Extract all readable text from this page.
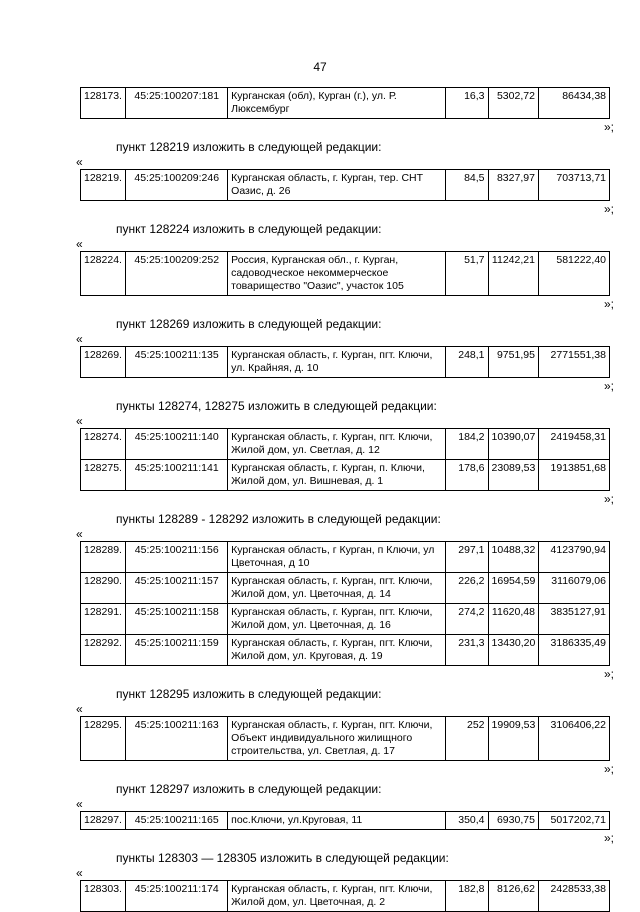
47
128173.	45:25:100207:181	Курганская (обл), Курган (г.), ул. Р. Люксембург	16,3	5302,72	86434,38
»;
пункт 128219 изложить в следующей редакции:
«
128219.	45:25:100209:246	Курганская область, г. Курган, тер. СНТ Оазис, д. 26	84,5	8327,97	703713,71
»;
пункт 128224 изложить в следующей редакции:
«
128224.	45:25:100209:252	Россия, Курганская обл., г. Курган, садоводческое некоммерческое товарищество "Оазис", участок 105	51,7	11242,21	581222,40
»;
пункт 128269 изложить в следующей редакции:
«
128269.	45:25:100211:135	Курганская область, г. Курган, пгт. Ключи, ул. Крайняя, д. 10	248,1	9751,95	2771551,38
»;
пункты 128274, 128275 изложить в следующей редакции:
«
128274.	45:25:100211:140	Курганская область, г. Курган, пгт. Ключи, Жилой дом, ул. Светлая, д. 12	184,2	10390,07	2419458,31
128275.	45:25:100211:141	Курганская область, г. Курган, п. Ключи, Жилой дом, ул. Вишневая, д. 1	178,6	23089,53	1913851,68
»;
пункты 128289 - 128292 изложить в следующей редакции:
«
128289.	45:25:100211:156	Курганская область, г Курган, п Ключи, ул Цветочная, д 10	297,1	10488,32	4123790,94
128290.	45:25:100211:157	Курганская область, г. Курган, пгт. Ключи, Жилой дом, ул. Цветочная, д. 14	226,2	16954,59	3116079,06
128291.	45:25:100211:158	Курганская область, г. Курган, пгт. Ключи, Жилой дом, ул. Цветочная, д. 16	274,2	11620,48	3835127,91
128292.	45:25:100211:159	Курганская область, г. Курган, пгт. Ключи, Жилой дом, ул. Круговая, д. 19	231,3	13430,20	3186335,49
»;
пункт 128295 изложить в следующей редакции:
«
128295.	45:25:100211:163	Курганская область, г. Курган, пгт. Ключи, Объект индивидуального жилищного строительства, ул. Светлая, д. 17	252	19909,53	3106406,22
»;
пункт 128297 изложить в следующей редакции:
«
128297.	45:25:100211:165	пос.Ключи, ул.Круговая, 11	350,4	6930,75	5017202,71
»;
пункты 128303 — 128305 изложить в следующей редакции:
«
128303.	45:25:100211:174	Курганская область, г. Курган, пгт. Ключи, Жилой дом, ул. Цветочная, д. 2	182,8	8126,62	2428533,38
